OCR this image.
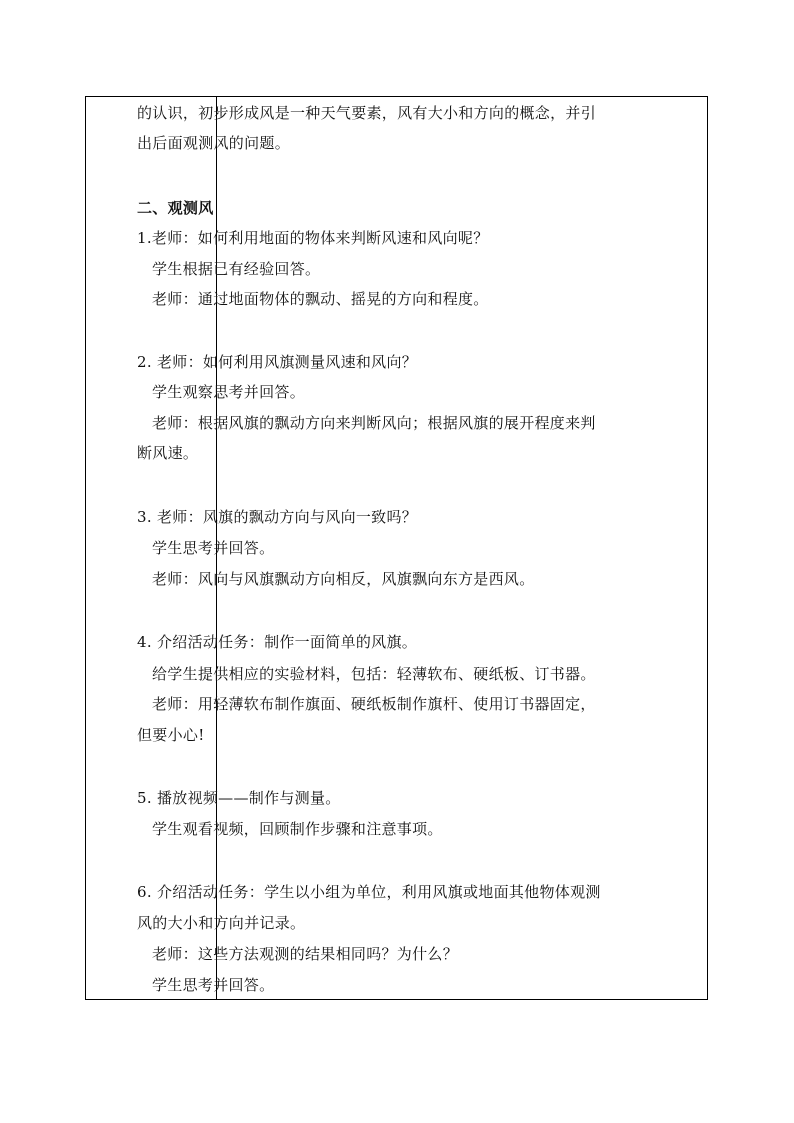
的认识，初步形成风是一种天气要素，风有大小和方向的概念，并引
出后面观测风的问题。
二、观测风
1.老师：如何利用地面的物体来判断风速和风向呢？
学生根据已有经验回答。
老师：通过地面物体的飘动、摇晃的方向和程度。
2. 老师：如何利用风旗测量风速和风向？
学生观察思考并回答。
老师：根据风旗的飘动方向来判断风向；根据风旗的展开程度来判
断风速。
3. 老师：风旗的飘动方向与风向一致吗？
学生思考并回答。
老师：风向与风旗飘动方向相反，风旗飘向东方是西风。
4. 介绍活动任务：制作一面简单的风旗。
给学生提供相应的实验材料，包括：轻薄软布、硬纸板、订书器。
老师：用轻薄软布制作旗面、硬纸板制作旗杆、使用订书器固定，
但要小心!
5. 播放视频——制作与测量。
学生观看视频，回顾制作步骤和注意事项。
6. 介绍活动任务：学生以小组为单位，利用风旗或地面其他物体观测
风的大小和方向并记录。
老师：这些方法观测的结果相同吗？为什么？
学生思考并回答。
